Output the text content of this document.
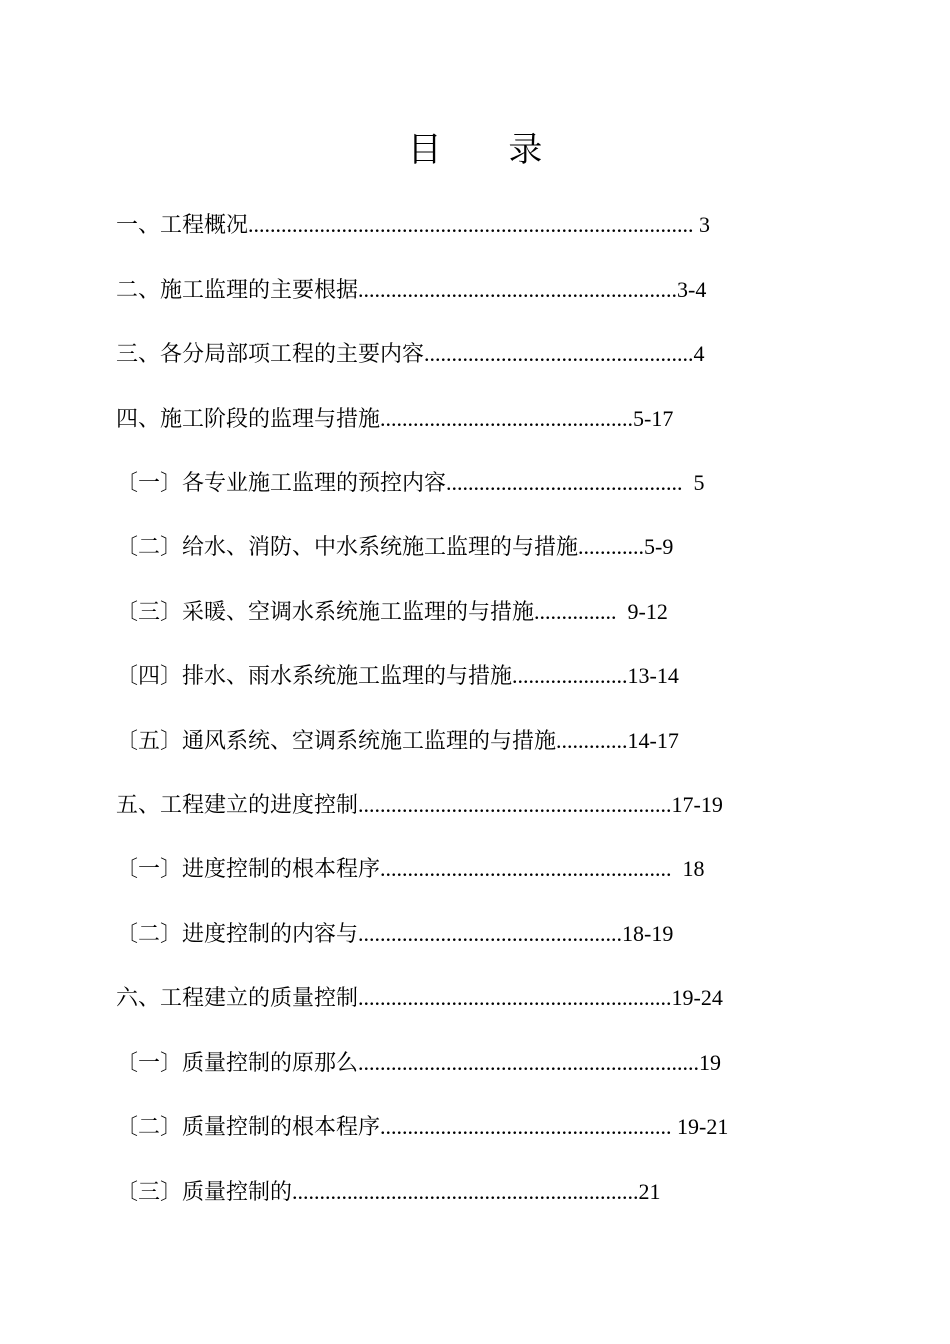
目 录
一、工程概况................................................................................. 3
二、施工监理的主要根据..........................................................3-4
三、各分局部项工程的主要内容.................................................4
四、施工阶段的监理与措施..............................................5-17
〔一〕各专业施工监理的预控内容...........................................  5
〔二〕给水、消防、中水系统施工监理的与措施............5-9
〔三〕采暖、空调水系统施工监理的与措施...............  9-12
〔四〕排水、雨水系统施工监理的与措施.....................13-14
〔五〕通风系统、空调系统施工监理的与措施.............14-17
五、工程建立的进度控制.........................................................17-19
〔一〕进度控制的根本程序.....................................................  18
〔二〕进度控制的内容与................................................18-19
六、工程建立的质量控制.........................................................19-24
〔一〕质量控制的原那么..............................................................19
〔二〕质量控制的根本程序..................................................... 19-21
〔三〕质量控制的...............................................................21
